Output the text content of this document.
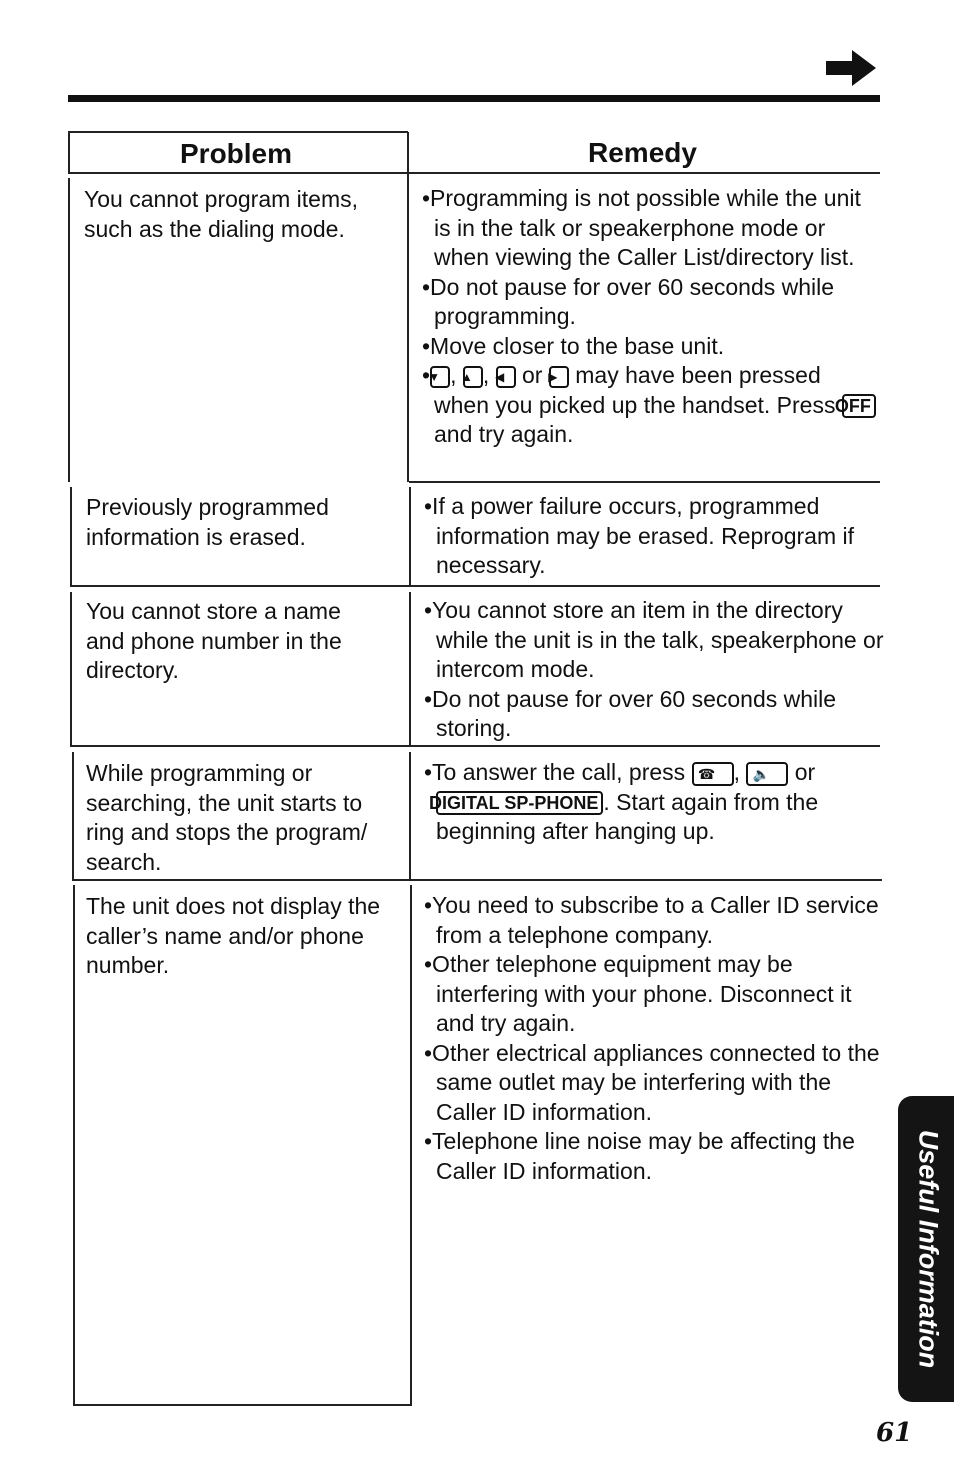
Problem	Remedy

You cannot program items,

such as the dialing mode.

•Programming is not possible while the unit is in the talk or speakerphone mode or when viewing the Caller List/directory list.

•Do not pause for over 60 seconds while programming.

•Move closer to the base unit.

•▼ , ▲ , ◀ or ▶ may have been pressed when you picked up the handset. Press OFF and try again.

Previously programmed

information is erased.

•If a power failure occurs, programmed information may be erased. Reprogram if necessary.

You cannot store a name

and phone number in the

directory.

•You cannot store an item in the directory while the unit is in the talk, speakerphone or intercom mode.

•Do not pause for over 60 seconds while storing.

While programming or

searching, the unit starts to

ring and stops the program/

search.

•To answer the call, press ☎ , 🔈 or DIGITAL SP-PHONE . Start again from the beginning after hanging up.

The unit does not display the

caller’s name and/or phone

number.

•You need to subscribe to a Caller ID service from a telephone company.

•Other telephone equipment may be interfering with your phone. Disconnect it and try again.

•Other electrical appliances connected to the same outlet may be interfering with the Caller ID information.

•Telephone line noise may be affecting the Caller ID information.	Useful Information
61
